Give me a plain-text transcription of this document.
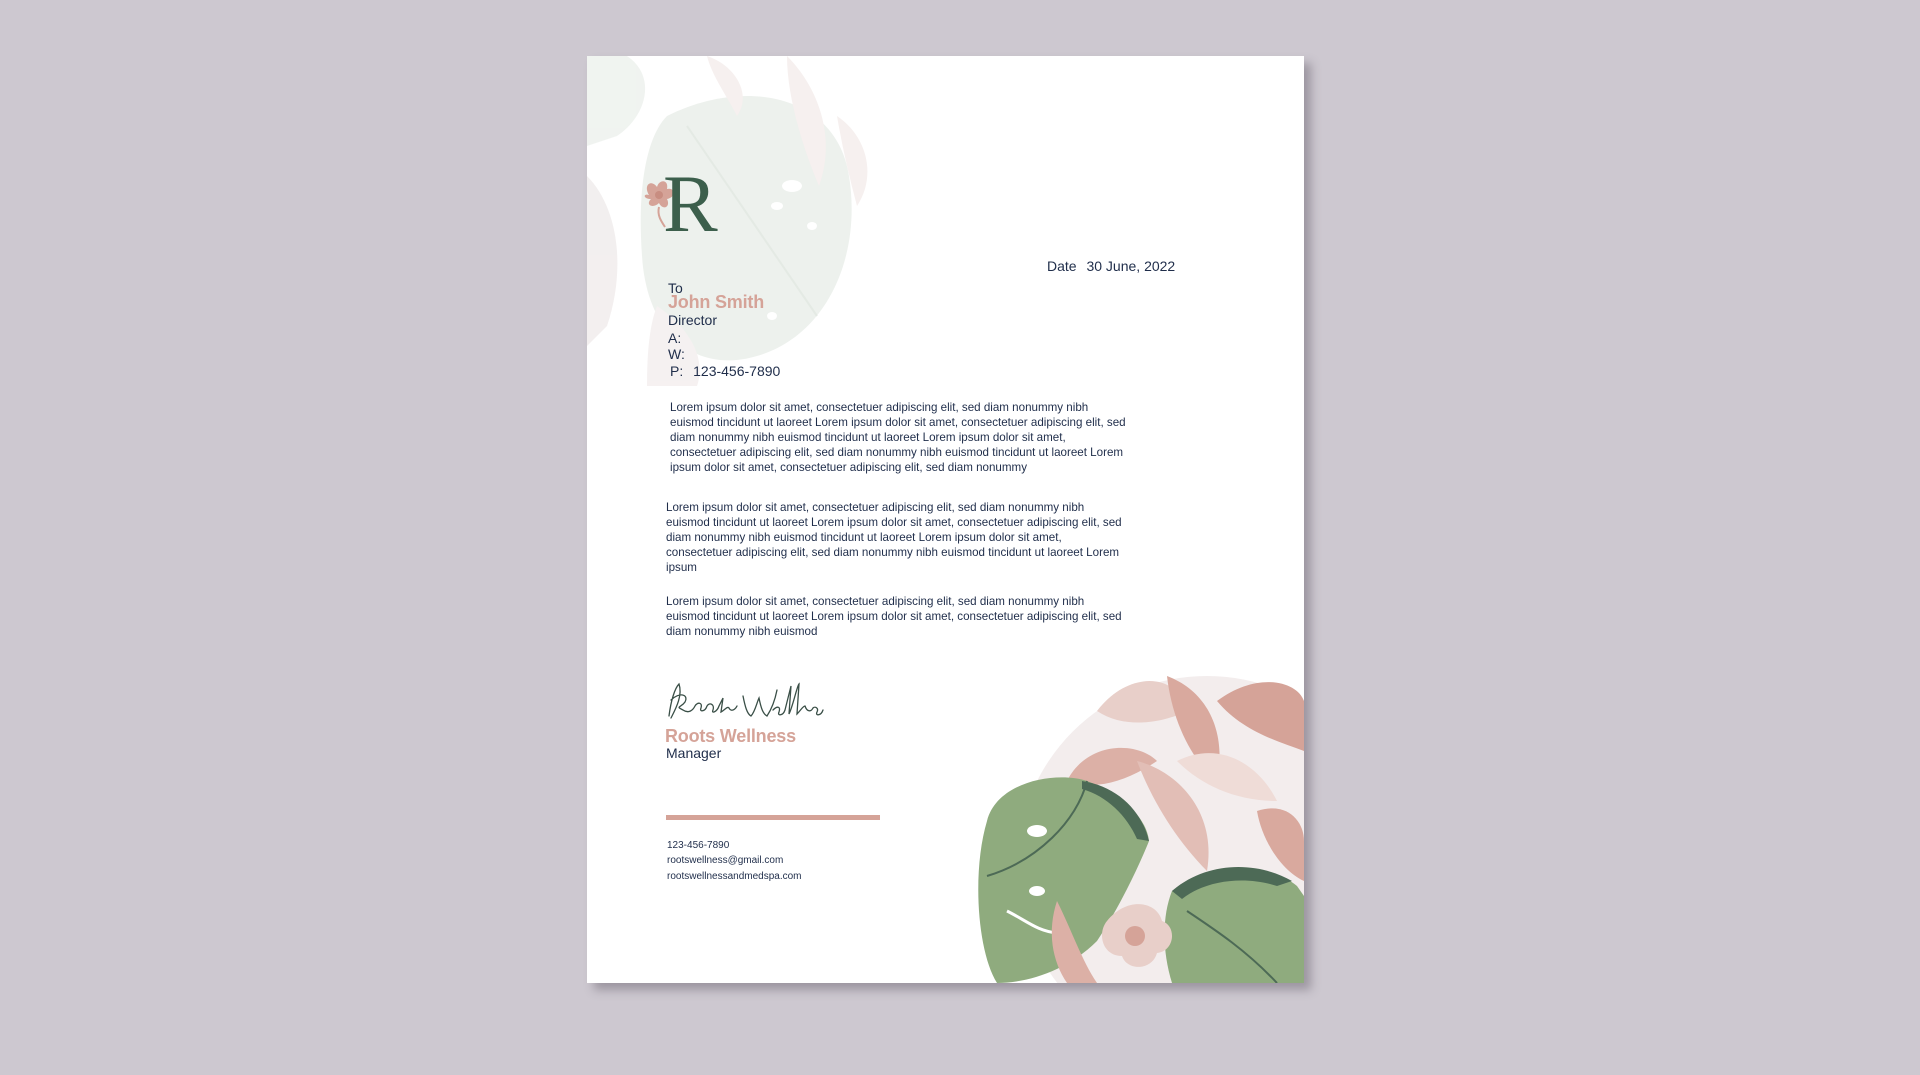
R
Date 30 June, 2022
To
John Smith
Director
A:
W:
P: 123-456-7890
Lorem ipsum dolor sit amet, consectetuer adipiscing elit, sed diam nonummy nibh euismod tincidunt ut laoreet Lorem ipsum dolor sit amet, consectetuer adipiscing elit, sed diam nonummy nibh euismod tincidunt ut laoreet Lorem ipsum dolor sit amet, consectetuer adipiscing elit, sed diam nonummy nibh euismod tincidunt ut laoreet Lorem ipsum dolor sit amet, consectetuer adipiscing elit, sed diam nonummy
Lorem ipsum dolor sit amet, consectetuer adipiscing elit, sed diam nonummy nibh euismod tincidunt ut laoreet Lorem ipsum dolor sit amet, consectetuer adipiscing elit, sed diam nonummy nibh euismod tincidunt ut laoreet Lorem ipsum dolor sit amet, consectetuer adipiscing elit, sed diam nonummy nibh euismod tincidunt ut laoreet Lorem ipsum
Lorem ipsum dolor sit amet, consectetuer adipiscing elit, sed diam nonummy nibh euismod tincidunt ut laoreet Lorem ipsum dolor sit amet, consectetuer adipiscing elit, sed diam nonummy nibh euismod
Roots Wellness
Manager
123-456-7890
rootswellness@gmail.com
rootswellnessandmedspa.com
